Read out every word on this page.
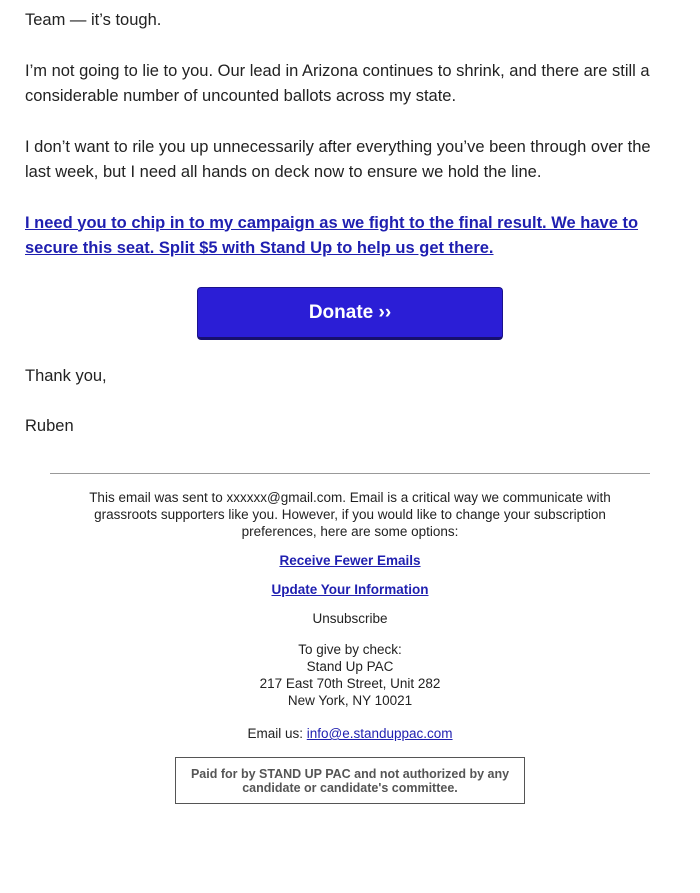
Team — it’s tough.

I’m not going to lie to you. Our lead in Arizona continues to shrink, and there are still a considerable number of uncounted ballots across my state.

I don’t want to rile you up unnecessarily after everything you’ve been through over the last week, but I need all hands on deck now to ensure we hold the line.

I need you to chip in to my campaign as we fight to the final result. We have to secure this seat. Split $5 with Stand Up to help us get there.

Donate ››

Thank you,

Ruben

This email was sent to xxxxxx@gmail.com. Email is a critical way we communicate with grassroots supporters like you. However, if you would like to change your subscription preferences, here are some options:

Receive Fewer Emails

Update Your Information

Unsubscribe

To give by check:

Stand Up PAC

217 East 70th Street, Unit 282

New York, NY 10021

Email us: info@e.standuppac.com

Paid for by STAND UP PAC and not authorized by any candidate or candidate's committee.
